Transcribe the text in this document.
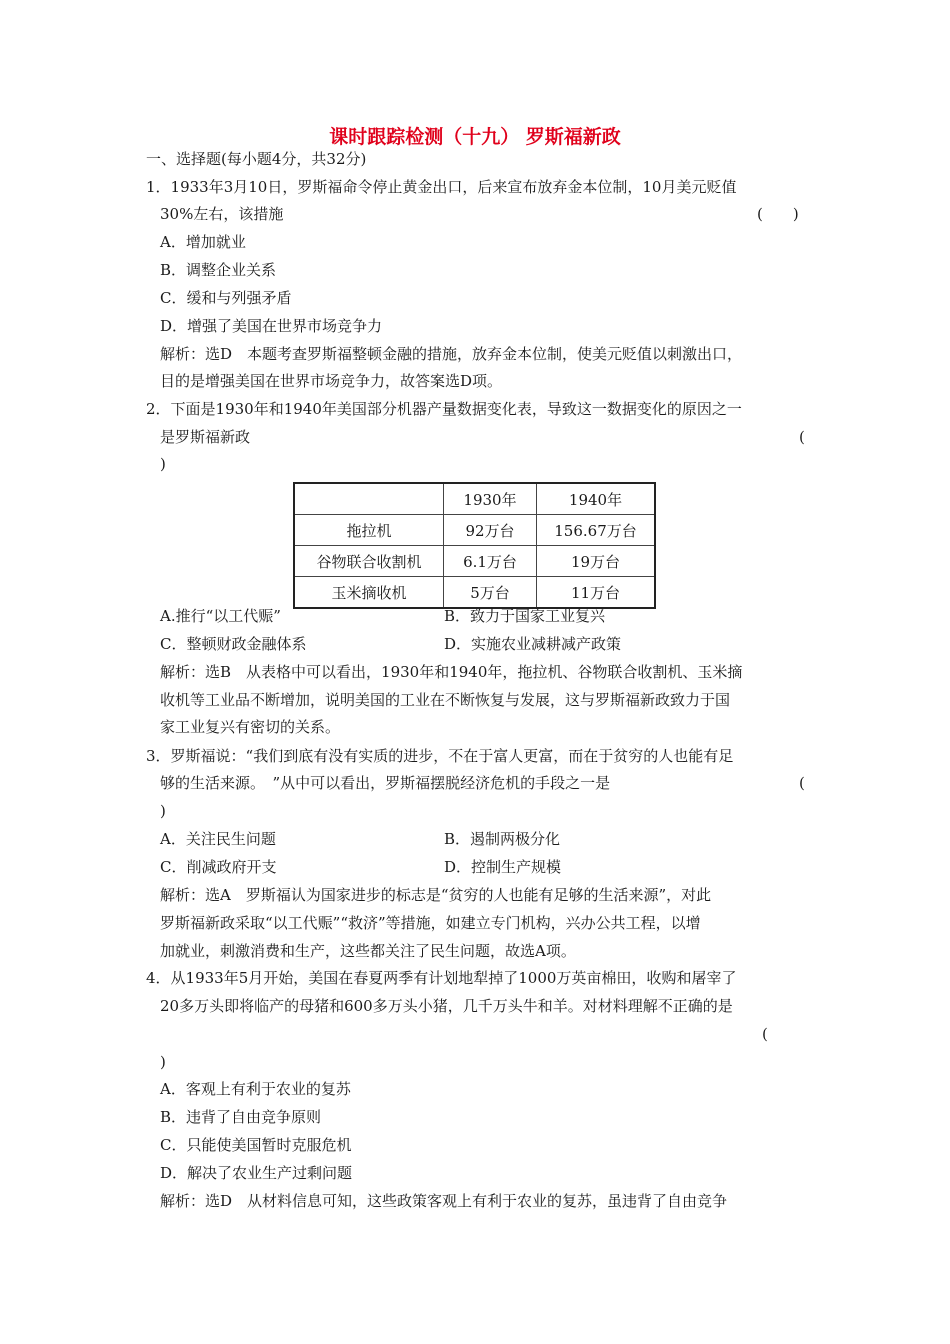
课时跟踪检测（十九） 罗斯福新政
一、选择题(每小题4分，共32分)
1．1933年3月10日，罗斯福命令停止黄金出口，后来宣布放弃金本位制，10月美元贬值
30%左右，该措施	(　　)
A．增加就业
B．调整企业关系
C．缓和与列强矛盾
D．增强了美国在世界市场竞争力
解析：选D　本题考查罗斯福整顿金融的措施，放弃金本位制，使美元贬值以刺激出口，
目的是增强美国在世界市场竞争力，故答案选D项。
2．下面是1930年和1940年美国部分机器产量数据变化表，导致这一数据变化的原因之一
是罗斯福新政	(
)
	1930年	1940年
拖拉机	92万台	156.67万台
谷物联合收割机	6.1万台	19万台
玉米摘收机	5万台	11万台
A.推行“以工代赈”	B．致力于国家工业复兴
C．整顿财政金融体系	D．实施农业减耕减产政策
解析：选B　从表格中可以看出，1930年和1940年，拖拉机、谷物联合收割机、玉米摘
收机等工业品不断增加，说明美国的工业在不断恢复与发展，这与罗斯福新政致力于国
家工业复兴有密切的关系。
3．罗斯福说：“我们到底有没有实质的进步，不在于富人更富，而在于贫穷的人也能有足
够的生活来源。　”从中可以看出，罗斯福摆脱经济危机的手段之一是	(
)
A．关注民生问题	B．遏制两极分化
C．削减政府开支	D．控制生产规模
解析：选A　罗斯福认为国家进步的标志是“贫穷的人也能有足够的生活来源”，对此
罗斯福新政采取“以工代赈”“救济”等措施，如建立专门机构，兴办公共工程，以增
加就业，刺激消费和生产，这些都关注了民生问题，故选A项。
4．从1933年5月开始，美国在春夏两季有计划地犁掉了1000万英亩棉田，收购和屠宰了
20多万头即将临产的母猪和600多万头小猪，几千万头牛和羊。对材料理解不正确的是
(
)
A．客观上有利于农业的复苏
B．违背了自由竞争原则
C．只能使美国暂时克服危机
D．解决了农业生产过剩问题
解析：选D　从材料信息可知，这些政策客观上有利于农业的复苏，虽违背了自由竞争
